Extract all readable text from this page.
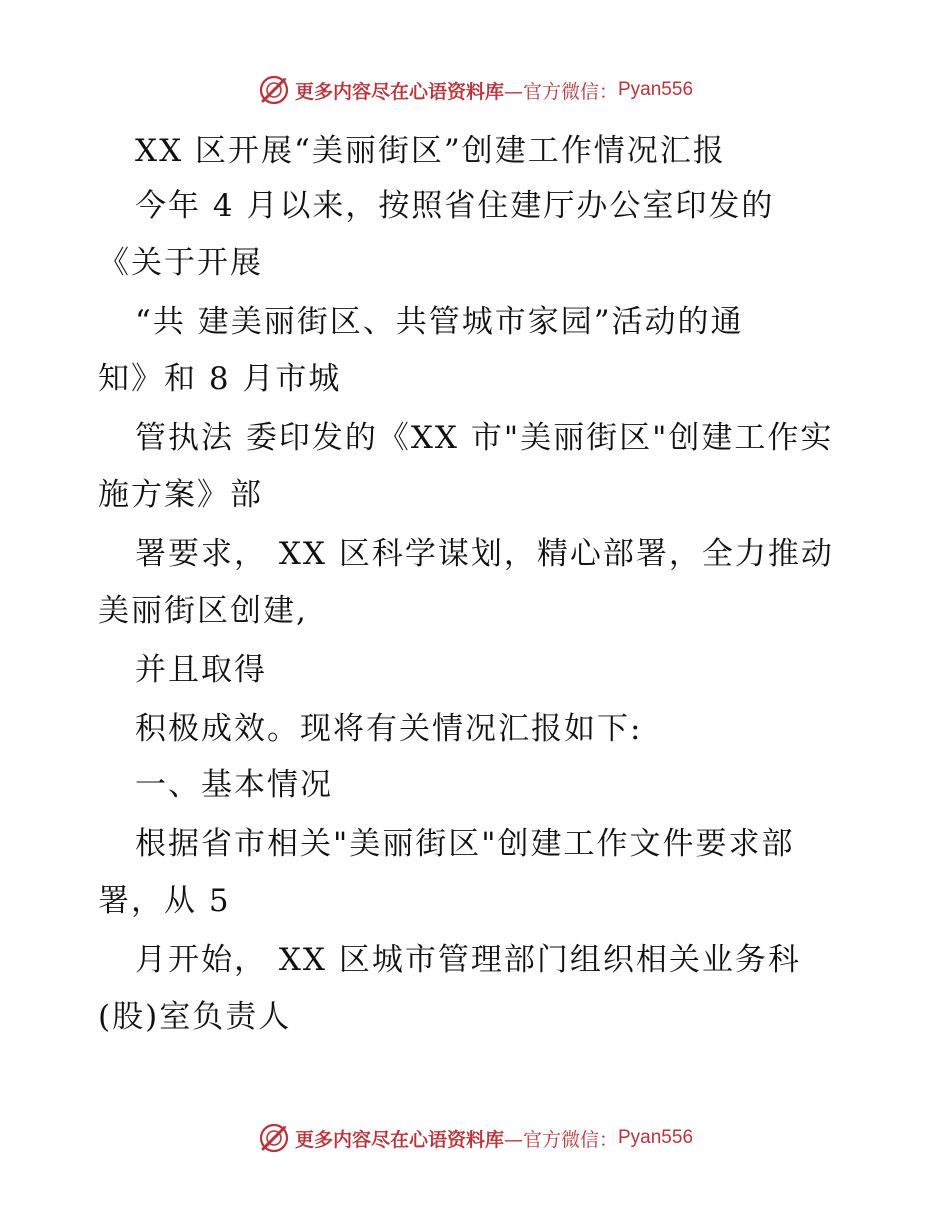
更多内容尽在心语资料库 —官方微信： Pyan556
XX 区开展“美丽街区”创建工作情况汇报
今年 4 月以来，按照省住建厅办公室印发的
《关于开展
“共 建美丽街区、共管城市家园”活动的通
知》和 8 月市城
管执法 委印发的《XX 市"美丽街区"创建工作实
施方案》部
署要求， XX 区科学谋划，精心部署，全力推动
美丽街区创建,
并且取得
积极成效。现将有关情况汇报如下:
一、基本情况
根据省市相关"美丽街区"创建工作文件要求部
署，从 5
月开始， XX 区城市管理部门组织相关业务科
(股)室负责人
更多内容尽在心语资料库 —官方微信： Pyan556
